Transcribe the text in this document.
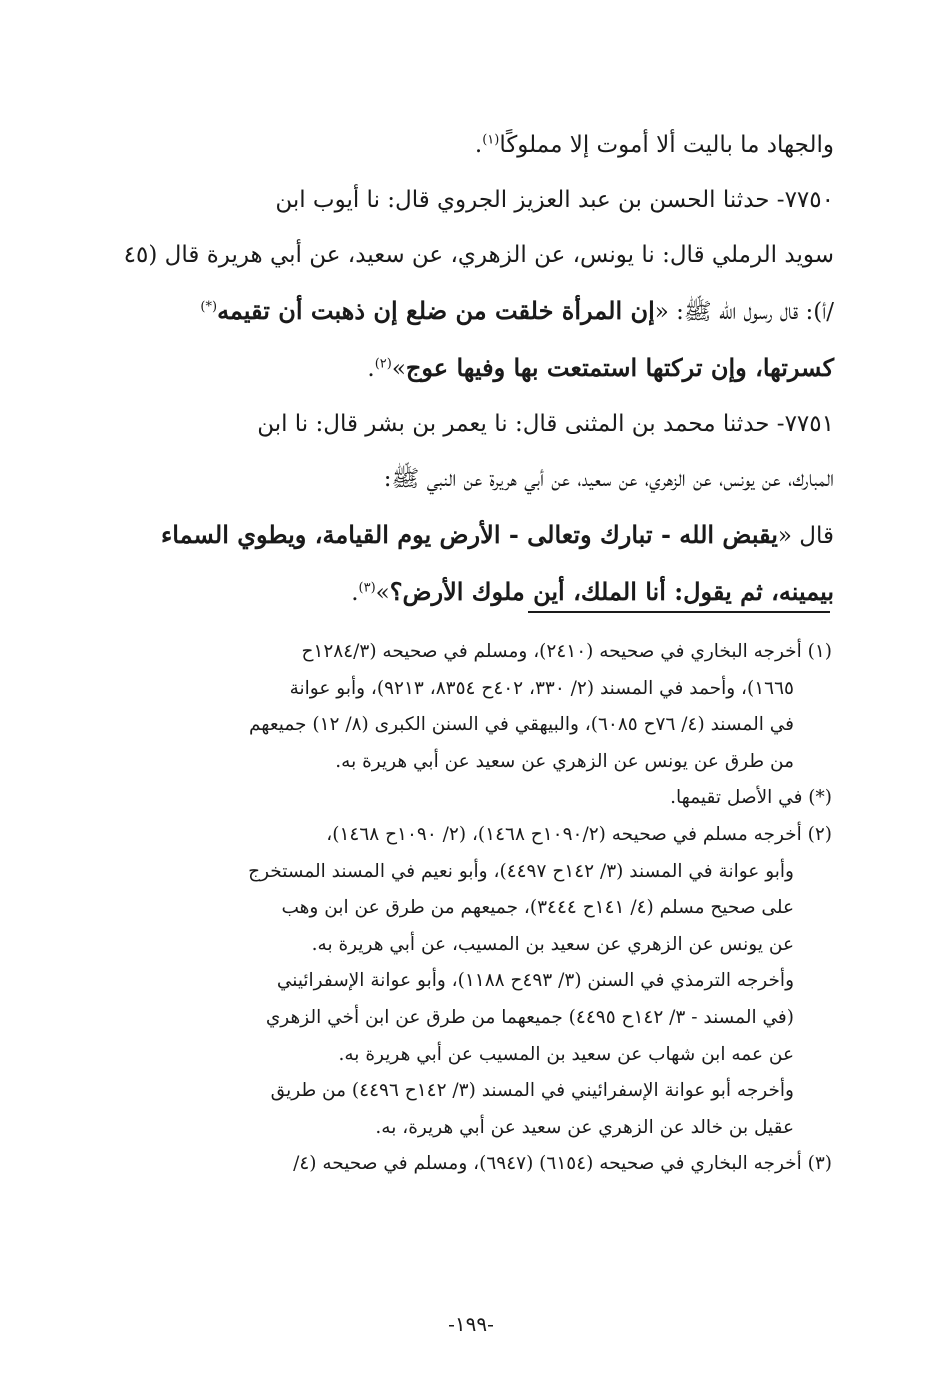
والجهاد ما باليت ألا أموت إلا مملوكًا$^{(١)}$.
٧٧٥٠- حدثنا الحسن بن عبد العزيز الجروي قال: نا أيوب ابن
سويد الرملي قال: نا يونس، عن الزهري، عن سعيد، عن أبي هريرة قال (٤٥
/أ): قال رسول الله ﷺ: «إن المرأة خلقت من ضلع إن ذهبت أن تقيمه(*)
كسرتها، وإن تركتها استمتعت بها وفيها عوج»$^{(٢)}$.
٧٧٥١- حدثنا محمد بن المثنى قال: نا يعمر بن بشر قال: نا ابن
المبارك، عن يونس، عن الزهري، عن سعيد، عن أبي هريرة عن النبي ﷺ:
قال «يقبض الله - تبارك وتعالى - الأرض يوم القيامة، ويطوي السماء
بيمينه، ثم يقول: أنا الملك، أين ملوك الأرض؟»$^{(٣)}$.
(١) أخرجه البخاري في صحيحه (٢٤١٠)، ومسلم في صحيحه (١٢٨٤/٣ح
١٦٦٥)، وأحمد في المسند (٢/ ٣٣٠، ٤٠٢ح ٨٣٥٤، ٩٢١٣)، وأبو عوانة
في المسند (٤/ ٧٦ح ٦٠٨٥)، والبيهقي في السنن الكبرى (٨/ ١٢) جميعهم
من طرق عن يونس عن الزهري عن سعيد عن أبي هريرة به.
(*) في الأصل تقيمها.
(٢) أخرجه مسلم في صحيحه (١٠٩٠/٢ح ١٤٦٨)، (٢/ ١٠٩٠ح ١٤٦٨)،
وأبو عوانة في المسند (٣/ ١٤٢ح ٤٤٩٧)، وأبو نعيم في المسند المستخرج
على صحيح مسلم (٤/ ١٤١ح ٣٤٤٤)، جميعهم من طرق عن ابن وهب
عن يونس عن الزهري عن سعيد بن المسيب، عن أبي هريرة به.
وأخرجه الترمذي في السنن (٣/ ٤٩٣ح ١١٨٨)، وأبو عوانة الإسفرائيني
(في المسند - ٣/ ١٤٢ح ٤٤٩٥) جميعهما من طرق عن ابن أخي الزهري
عن عمه ابن شهاب عن سعيد بن المسيب عن أبي هريرة به.
وأخرجه أبو عوانة الإسفرائيني في المسند (٣/ ١٤٢ح ٤٤٩٦) من طريق
عقيل بن خالد عن الزهري عن سعيد عن أبي هريرة، به.
(٣) أخرجه البخاري في صحيحه (٦١٥٤) (٦٩٤٧)، ومسلم في صحيحه (٤/
-١٩٩-
